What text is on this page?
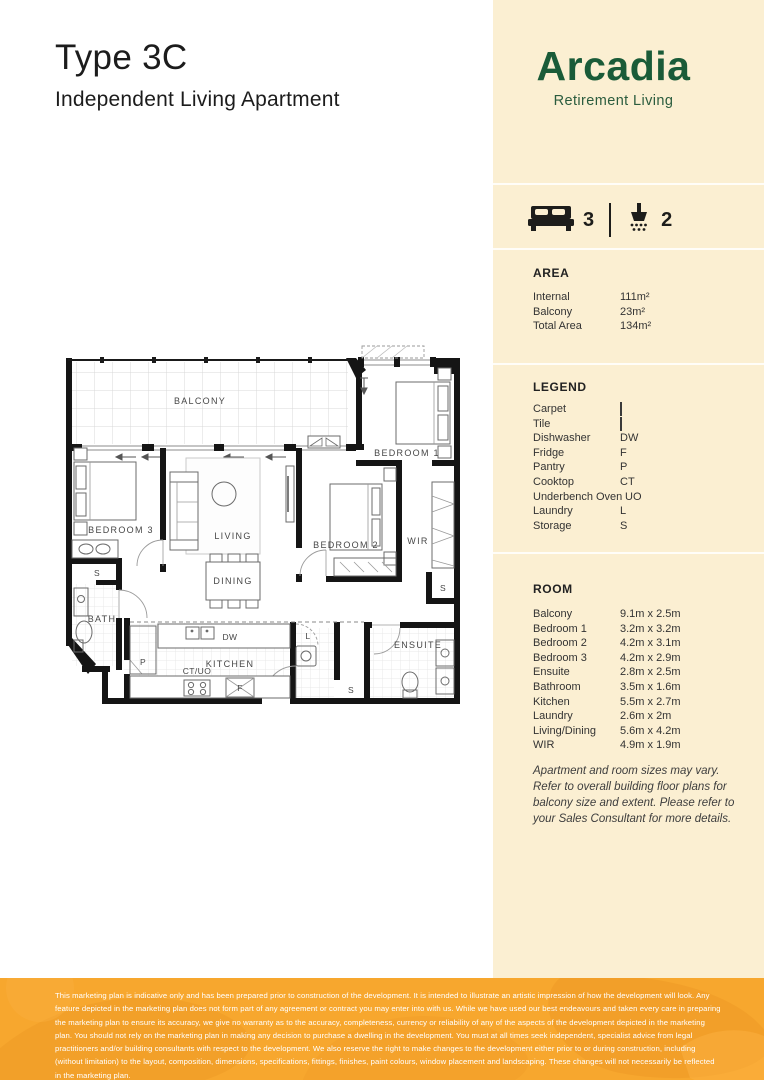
Type 3C
Independent Living Apartment
BALCONY
BEDROOM 1
BEDROOM 2
BEDROOM 3
LIVING
DINING
WIR
BATH
KITCHEN
ENSUITE
DW
CT/UO
F
P
L
S
S
S
Arcadia
Retirement Living
3	2
AREA
Internal	111m²
Balcony	23m²
Total Area	134m²
LEGEND
Carpet
Tile
Dishwasher	DW
Fridge	F
Pantry	P
Cooktop	CT
Underbench Oven UO
Laundry	L
Storage	S
ROOM
Balcony	9.1m x 2.5m
Bedroom 1	3.2m x 3.2m
Bedroom 2	4.2m x 3.1m
Bedroom 3	4.2m x 2.9m
Ensuite	2.8m x 2.5m
Bathroom	3.5m x 1.6m
Kitchen	5.5m x 2.7m
Laundry	2.6m x 2m
Living/Dining	5.6m x 4.2m
WIR	4.9m x 1.9m
Apartment and room sizes may vary. Refer to overall building floor plans for balcony size and extent. Please refer to your Sales Consultant for more details.
This marketing plan is indicative only and has been prepared prior to construction of the development. It is intended to illustrate an artistic impression of how the development will look. Any feature depicted in the marketing plan does not form part of any agreement or contract you may enter into with us. While we have used our best endeavours and taken every care in preparing the marketing plan to ensure its accuracy, we give no warranty as to the accuracy, completeness, currency or reliability of any of the aspects of the development depicted in the marketing plan. You should not rely on the marketing plan in making any decision to purchase a dwelling in the development. You must at all times seek independent, specialist advice from legal practitioners and/or building consultants with respect to the development. We also reserve the right to make changes to the development either prior to or during construction, including (without limitation) to the layout, composition, dimensions, specifications, fittings, finishes, paint colours, window placement and landscaping. These changes will not necessarily be reflected in the marketing plan.
